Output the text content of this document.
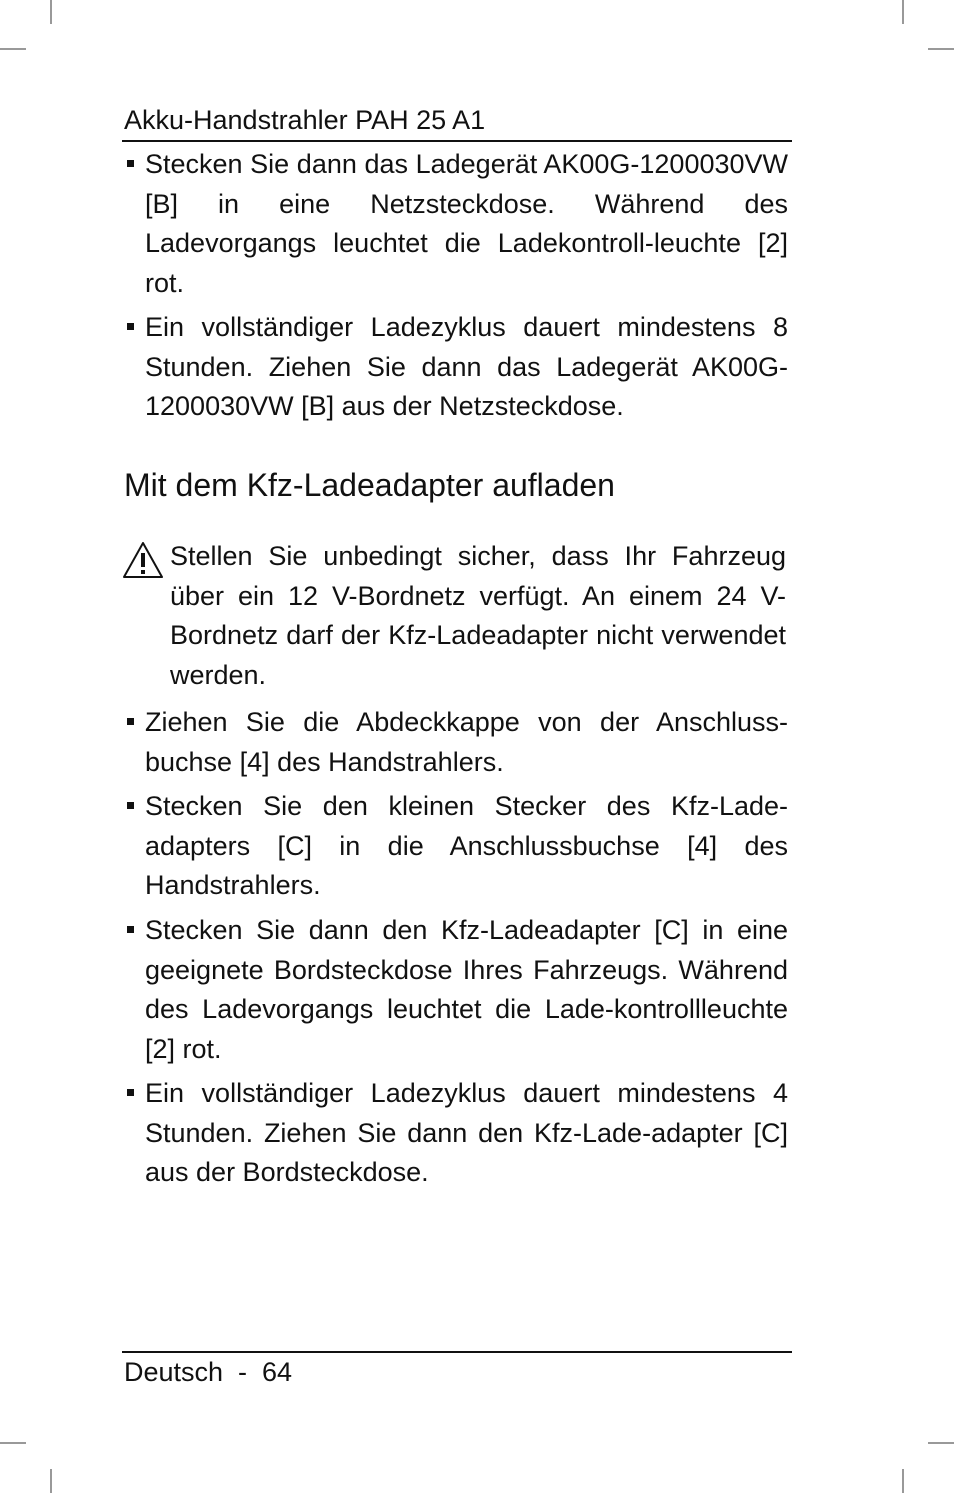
Akku-Handstrahler PAH 25 A1
Stecken Sie dann das Ladegerät AK00G-1200030VW [B] in eine Netzsteckdose. Während des Ladevorgangs leuchtet die Ladekontroll-leuchte [2] rot.
Ein vollständiger Ladezyklus dauert mindestens 8 Stunden. Ziehen Sie dann das Ladegerät AK00G-1200030VW [B] aus der Netzsteckdose.
Mit dem Kfz-Ladeadapter aufladen
Stellen Sie unbedingt sicher, dass Ihr Fahrzeug über ein 12 V-Bordnetz verfügt. An einem 24 V-Bordnetz darf der Kfz-Ladeadapter nicht verwendet werden.
Ziehen Sie die Abdeckkappe von der Anschluss-buchse [4] des Handstrahlers.
Stecken Sie den kleinen Stecker des Kfz-Lade-adapters [C] in die Anschlussbuchse [4] des Handstrahlers.
Stecken Sie dann den Kfz-Ladeadapter [C] in eine geeignete Bordsteckdose Ihres Fahrzeugs. Während des Ladevorgangs leuchtet die Lade-kontrollleuchte [2] rot.
Ein vollständiger Ladezyklus dauert mindestens 4 Stunden. Ziehen Sie dann den Kfz-Lade-adapter [C] aus der Bordsteckdose.
Deutsch  -  64
